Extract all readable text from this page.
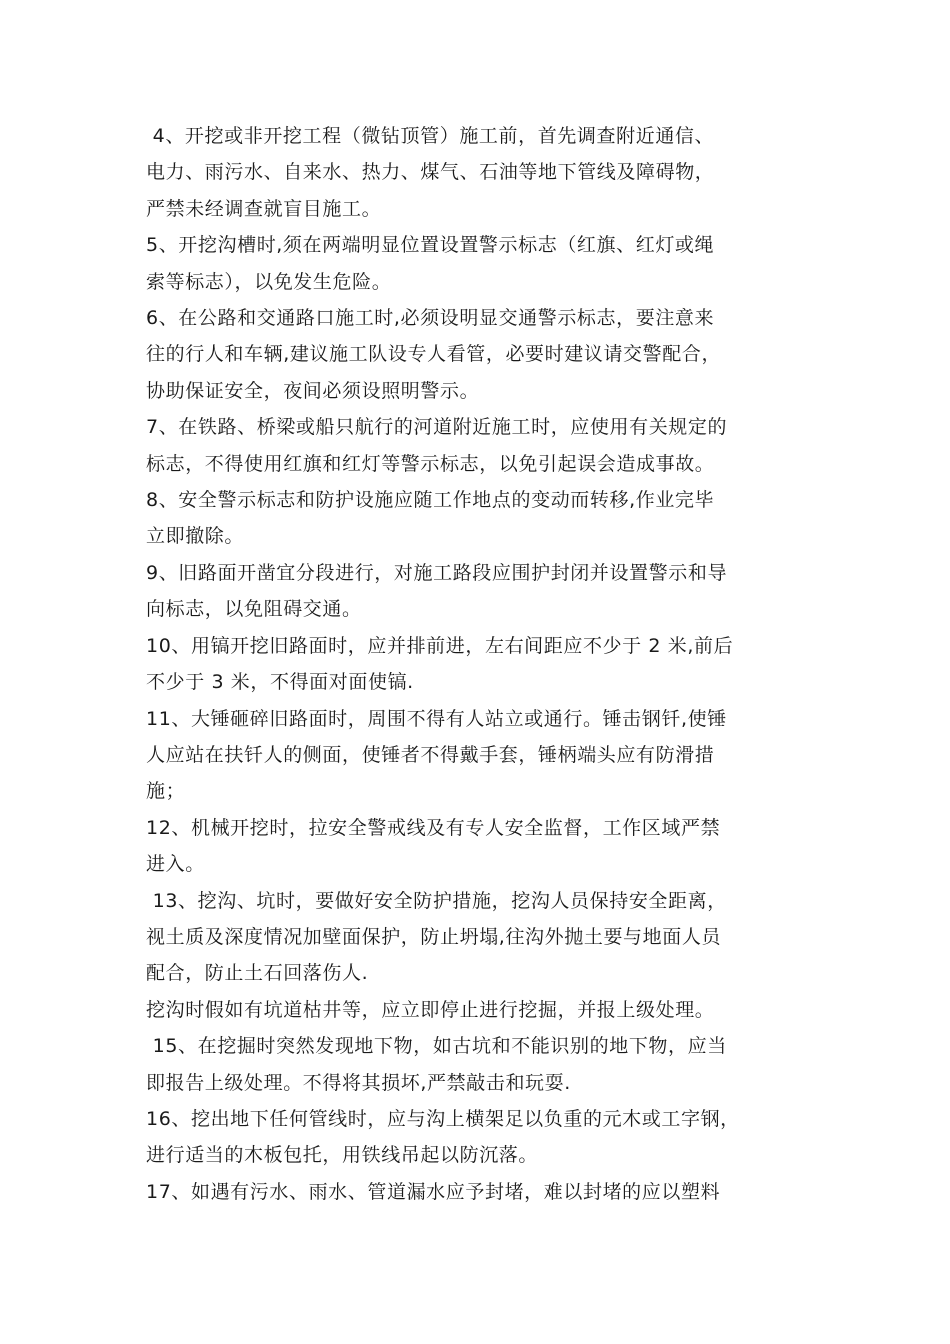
4、开挖或非开挖工程（微钻顶管）施工前，首先调查附近通信、
电力、雨污水、自来水、热力、煤气、石油等地下管线及障碍物，
严禁未经调查就盲目施工。

5、开挖沟槽时,须在两端明显位置设置警示标志（红旗、红灯或绳
索等标志），以免发生危险。

6、在公路和交通路口施工时,必须设明显交通警示标志，要注意来
往的行人和车辆,建议施工队设专人看管，必要时建议请交警配合，
协助保证安全，夜间必须设照明警示。

7、在铁路、桥梁或船只航行的河道附近施工时，应使用有关规定的
标志，不得使用红旗和红灯等警示标志，以免引起误会造成事故。

8、安全警示标志和防护设施应随工作地点的变动而转移,作业完毕
立即撤除。

9、旧路面开凿宜分段进行，对施工路段应围护封闭并设置警示和导
向标志，以免阻碍交通。

10、用镐开挖旧路面时，应并排前进，左右间距应不少于 2 米,前后
不少于 3 米，不得面对面使镐.

11、大锤砸碎旧路面时，周围不得有人站立或通行。锤击钢钎,使锤
人应站在扶钎人的侧面，使锤者不得戴手套，锤柄端头应有防滑措
施；

12、机械开挖时，拉安全警戒线及有专人安全监督，工作区域严禁
进入。

13、挖沟、坑时，要做好安全防护措施，挖沟人员保持安全距离，
视土质及深度情况加壁面保护，防止坍塌,往沟外抛土要与地面人员
配合，防止土石回落伤人.

挖沟时假如有坑道枯井等，应立即停止进行挖掘，并报上级处理。

15、在挖掘时突然发现地下物，如古坑和不能识别的地下物，应当
即报告上级处理。不得将其损坏,严禁敲击和玩耍.

16、挖出地下任何管线时，应与沟上横架足以负重的元木或工字钢，
进行适当的木板包托，用铁线吊起以防沉落。

17、如遇有污水、雨水、管道漏水应予封堵，难以封堵的应以塑料
